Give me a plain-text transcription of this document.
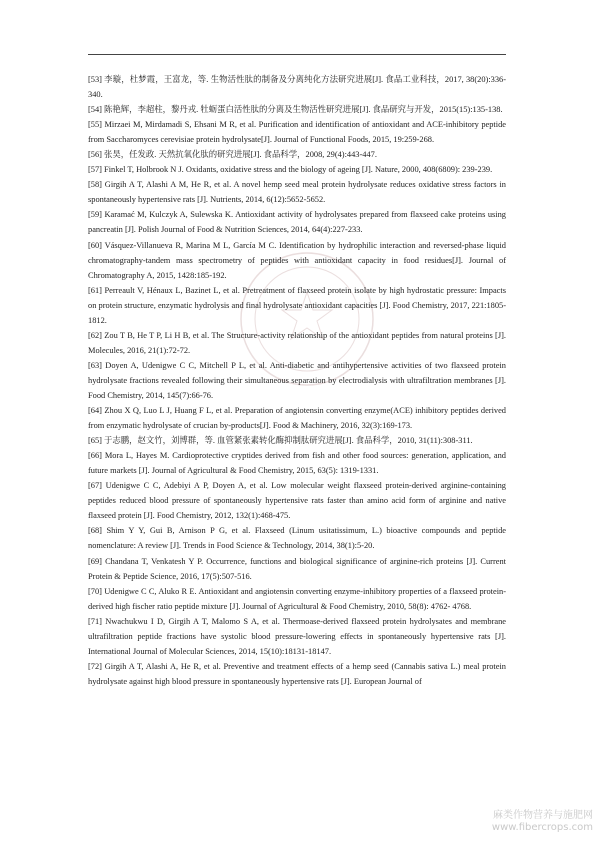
[53] 李璇，杜梦霞，王富龙，等. 生物活性肽的制备及分离纯化方法研究进展[J]. 食品工业科技，2017, 38(20):336-340.

[54] 陈艳辉，李超柱，黎丹戎. 牡蛎蛋白活性肽的分离及生物活性研究进展[J]. 食品研究与开发，2015(15):135-138.

[55] Mirzaei M, Mirdamadi S, Ehsani M R, et al. Purification and identification of antioxidant and ACE-inhibitory peptide from Saccharomyces cerevisiae protein hydrolysate[J]. Journal of Functional Foods, 2015, 19:259-268.

[56] 张昊，任发政. 天然抗氧化肽的研究进展[J]. 食品科学，2008, 29(4):443-447.

[57] Finkel T, Holbrook N J. Oxidants, oxidative stress and the biology of ageing [J]. Nature, 2000, 408(6809): 239-239.

[58] Girgih A T, Alashi A M, He R, et al. A novel hemp seed meal protein hydrolysate reduces oxidative stress factors in spontaneously hypertensive rats [J]. Nutrients, 2014, 6(12):5652-5652.

[59] Karamać M, Kulczyk A, Sulewska K. Antioxidant activity of hydrolysates prepared from flaxseed cake proteins using pancreatin [J]. Polish Journal of Food & Nutrition Sciences, 2014, 64(4):227-233.

[60] Vásquez-Villanueva R, Marina M L, García M C. Identification by hydrophilic interaction and reversed-phase liquid chromatography-tandem mass spectrometry of peptides with antioxidant capacity in food residues[J]. Journal of Chromatography A, 2015, 1428:185-192.

[61] Perreault V, Hénaux L, Bazinet L, et al. Pretreatment of flaxseed protein isolate by high hydrostatic pressure: Impacts on protein structure, enzymatic hydrolysis and final hydrolysate antioxidant capacities [J]. Food Chemistry, 2017, 221:1805-1812.

[62] Zou T B, He T P, Li H B, et al. The Structure-activity relationship of the antioxidant peptides from natural proteins [J]. Molecules, 2016, 21(1):72-72.

[63] Doyen A, Udenigwe C C, Mitchell P L, et al. Anti-diabetic and antihypertensive activities of two flaxseed protein hydrolysate fractions revealed following their simultaneous separation by electrodialysis with ultrafiltration membranes [J]. Food Chemistry, 2014, 145(7):66-76.

[64] Zhou X Q, Luo L J, Huang F L, et al. Preparation of angiotensin converting enzyme(ACE) inhibitory peptides derived from enzymatic hydrolysate of crucian by-products[J]. Food & Machinery, 2016, 32(3):169-173.

[65] 于志鹏，赵文竹，刘博群，等. 血管紧张素转化酶抑制肽研究进展[J]. 食品科学，2010, 31(11):308-311.

[66] Mora L, Hayes M. Cardioprotective cryptides derived from fish and other food sources: generation, application, and future markets [J]. Journal of Agricultural & Food Chemistry, 2015, 63(5): 1319-1331.

[67] Udenigwe C C, Adebiyi A P, Doyen A, et al. Low molecular weight flaxseed protein-derived arginine-containing peptides reduced blood pressure of spontaneously hypertensive rats faster than amino acid form of arginine and native flaxseed protein [J]. Food Chemistry, 2012, 132(1):468-475.

[68] Shim Y Y, Gui B, Arnison P G, et al. Flaxseed (Linum usitatissimum, L.) bioactive compounds and peptide nomenclature: A review [J]. Trends in Food Science & Technology, 2014, 38(1):5-20.

[69] Chandana T, Venkatesh Y P. Occurrence, functions and biological significance of arginine-rich proteins [J]. Current Protein & Peptide Science, 2016, 17(5):507-516.

[70] Udenigwe C C, Aluko R E. Antioxidant and angiotensin converting enzyme-inhibitory properties of a flaxseed protein-derived high fischer ratio peptide mixture [J]. Journal of Agricultural & Food Chemistry, 2010, 58(8): 4762- 4768.

[71] Nwachukwu I D, Girgih A T, Malomo S A, et al. Thermoase-derived flaxseed protein hydrolysates and membrane ultrafiltration peptide fractions have systolic blood pressure-lowering effects in spontaneously hypertensive rats [J]. International Journal of Molecular Sciences, 2014, 15(10):18131-18147.

[72] Girgih A T, Alashi A, He R, et al. Preventive and treatment effects of a hemp seed (Cannabis sativa L.) meal protein hydrolysate against high blood pressure in spontaneously hypertensive rats [J]. European Journal of

麻类作物营养与施肥网
www.fibercrops.com
